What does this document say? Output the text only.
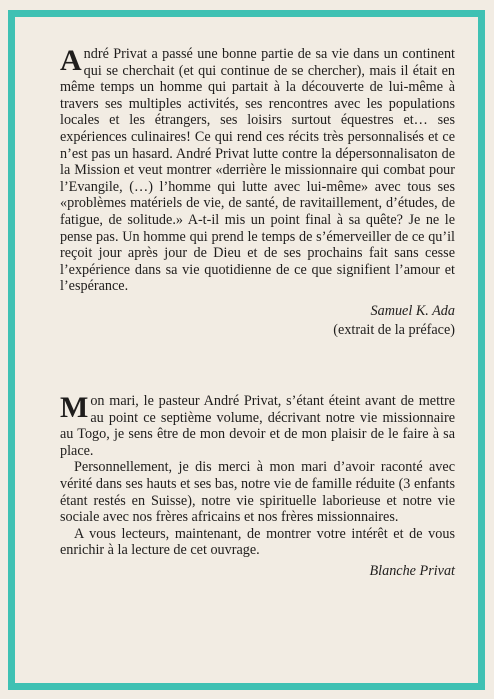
André Privat a passé une bonne partie de sa vie dans un continent qui se cherchait (et qui continue de se chercher), mais il était en même temps un homme qui partait à la découverte de lui-même à travers ses multiples activités, ses rencontres avec les populations locales et les étrangers, ses loisirs surtout équestres et… ses expériences culinaires! Ce qui rend ces récits très personnalisés et ce n’est pas un hasard. André Privat lutte contre la dépersonnalisaton de la Mission et veut montrer «derrière le missionnaire qui combat pour l’Evangile, (…) l’homme qui lutte avec lui-même» avec tous ses «problèmes matériels de vie, de santé, de ravitaillement, d’études, de fatigue, de solitude.» A-t-il mis un point final à sa quête? Je ne le pense pas. Un homme qui prend le temps de s’émerveiller de ce qu’il reçoit jour après jour de Dieu et de ses prochains fait sans cesse l’expérience dans sa vie quotidienne de ce que signifient l’amour et l’espérance.

Samuel K. Ada

(extrait de la préface)

Mon mari, le pasteur André Privat, s’étant éteint avant de mettre au point ce septième volume, décrivant notre vie missionnaire au Togo, je sens être de mon devoir et de mon plaisir de le faire à sa place.

Personnellement, je dis merci à mon mari d’avoir raconté avec vérité dans ses hauts et ses bas, notre vie de famille réduite (3 enfants étant restés en Suisse), notre vie spirituelle laborieuse et notre vie sociale avec nos frères africains et nos frères missionnaires.

A vous lecteurs, maintenant, de montrer votre intérêt et de vous enrichir à la lecture de cet ouvrage.

Blanche Privat
